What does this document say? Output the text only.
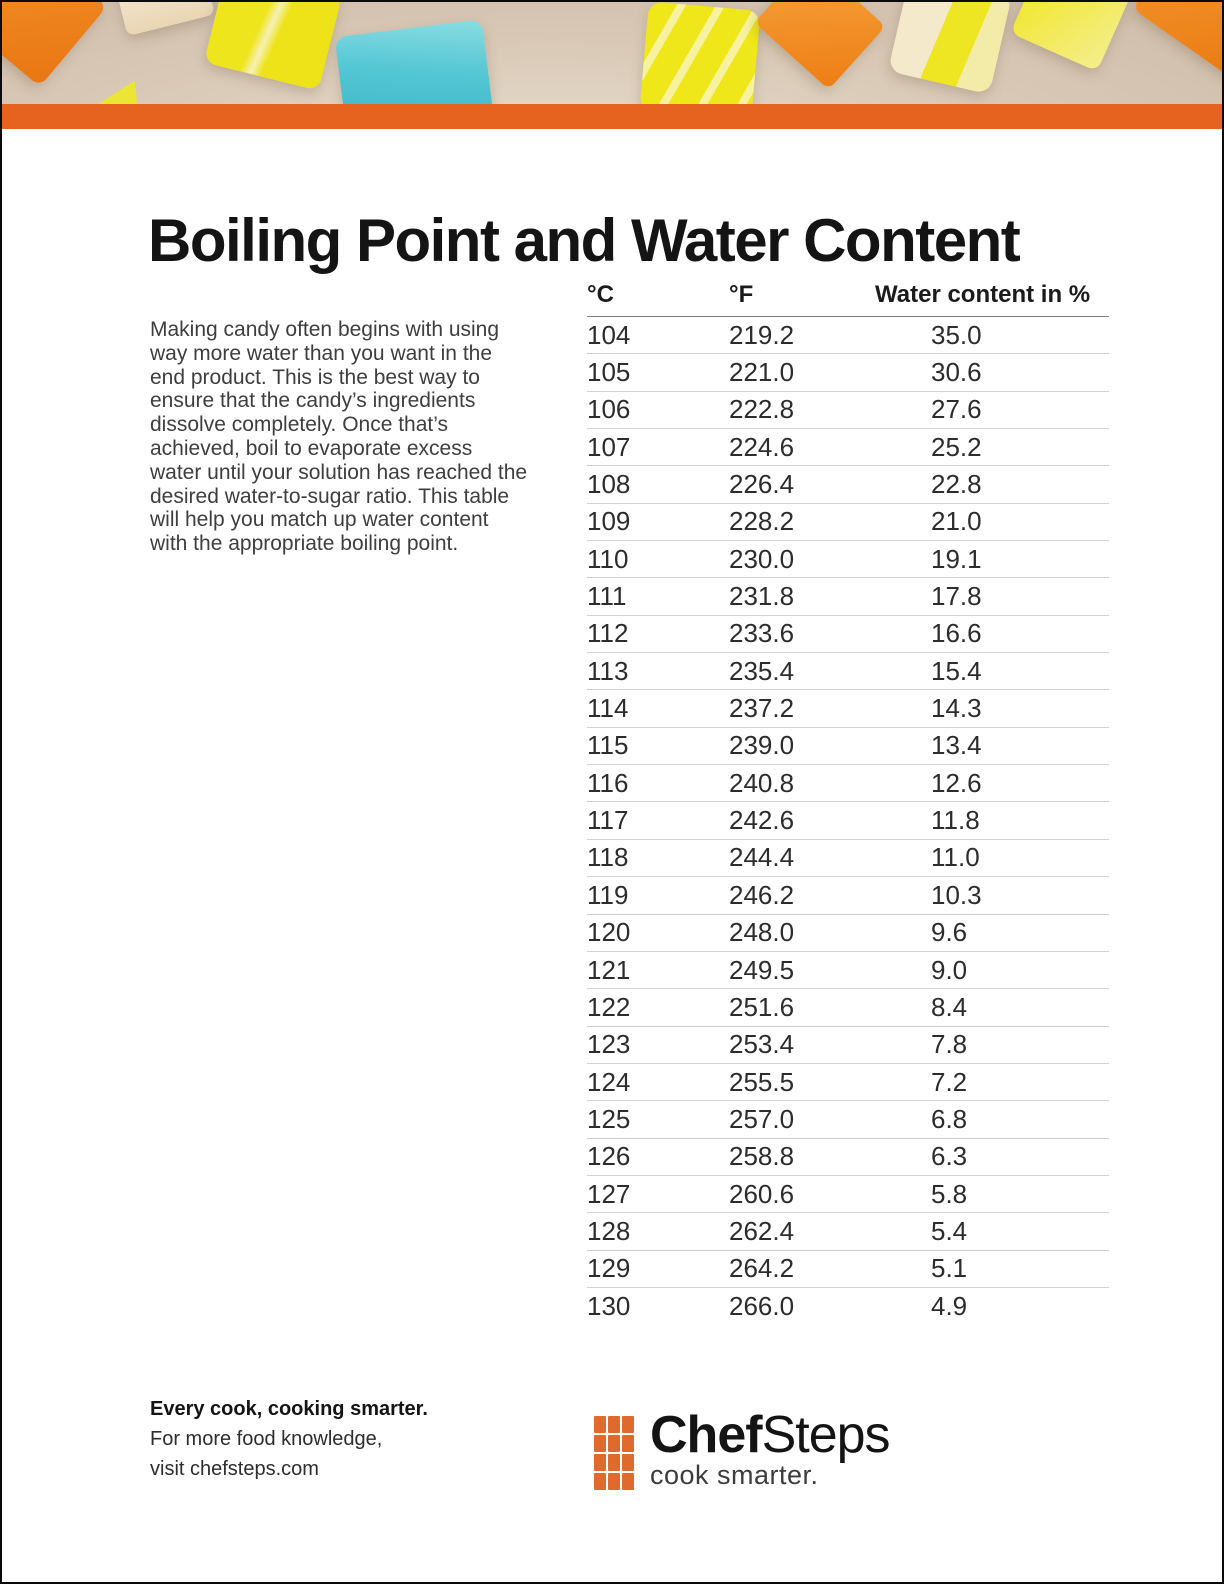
Boiling Point and Water Content

Making candy often begins with using way more water than you want in the end product. This is the best way to ensure that the candy’s ingredients dissolve completely. Once that’s achieved, boil to evaporate excess water until your solution has reached the desired water-to-sugar ratio. This table will help you match up water content with the appropriate boiling point.

°C	°F	Water content in %
104	219.2	35.0
105	221.0	30.6
106	222.8	27.6
107	224.6	25.2
108	226.4	22.8
109	228.2	21.0
110	230.0	19.1
111	231.8	17.8
112	233.6	16.6
113	235.4	15.4
114	237.2	14.3
115	239.0	13.4
116	240.8	12.6
117	242.6	11.8
118	244.4	11.0
119	246.2	10.3
120	248.0	9.6
121	249.5	9.0
122	251.6	8.4
123	253.4	7.8
124	255.5	7.2
125	257.0	6.8
126	258.8	6.3
127	260.6	5.8
128	262.4	5.4
129	264.2	5.1
130	266.0	4.9
Every cook, cooking smarter.
For more food knowledge,
visit chefsteps.com
ChefSteps
cook smarter.
